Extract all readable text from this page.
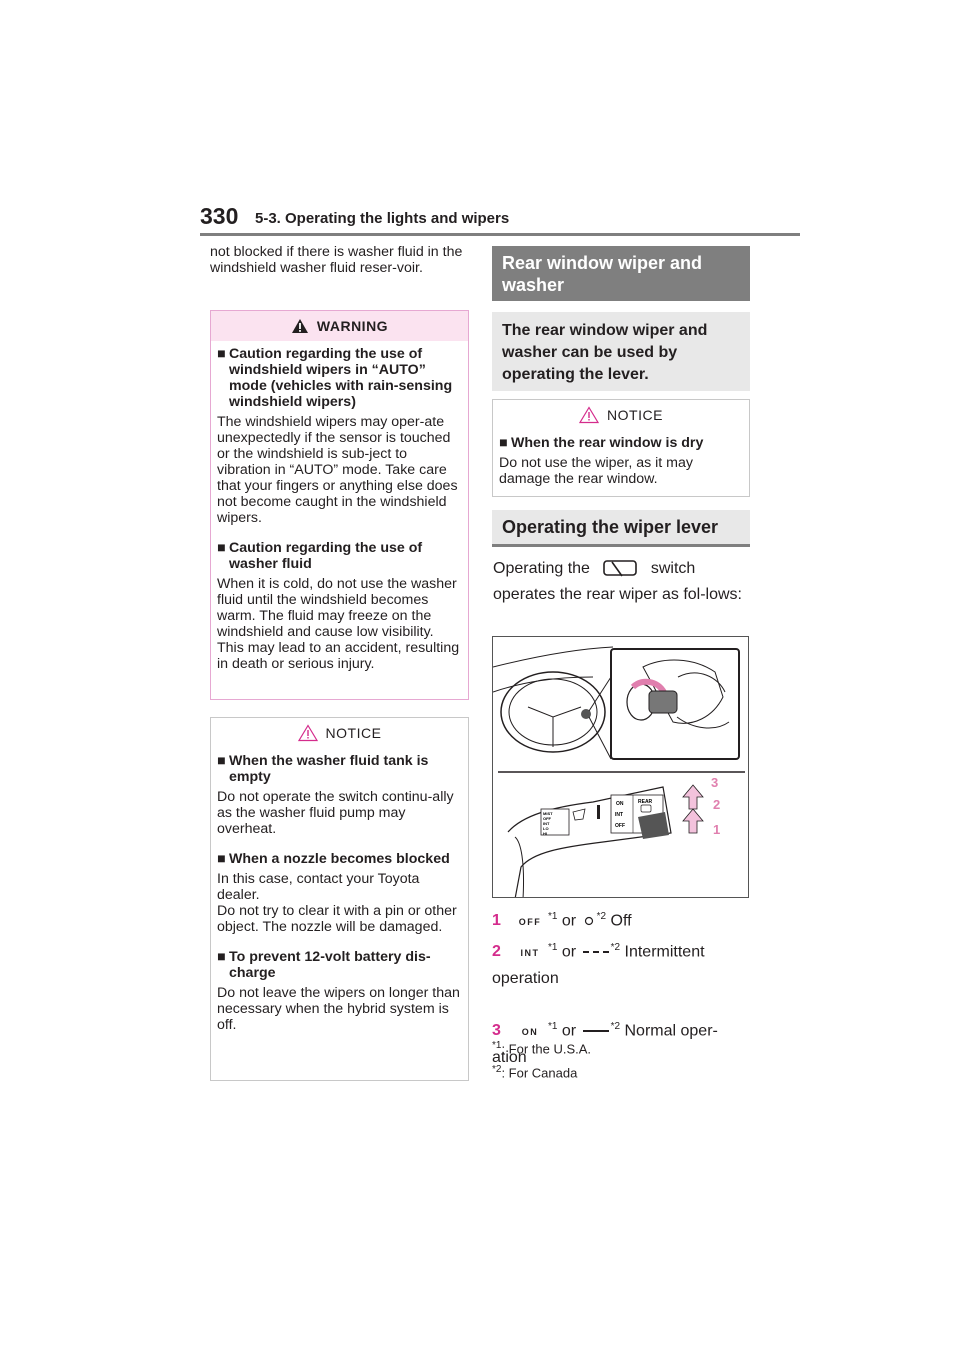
330 5-3. Operating the lights and wipers
not blocked if there is washer fluid in the windshield washer fluid reser-voir.
WARNING
■ Caution regarding the use of windshield wipers in “AUTO” mode (vehicles with rain-sensing windshield wipers)
The windshield wipers may oper-ate unexpectedly if the sensor is touched or the windshield is sub-ject to vibration in “AUTO” mode. Take care that your fingers or anything else does not become caught in the windshield wipers.
■ Caution regarding the use of washer fluid
When it is cold, do not use the washer fluid until the windshield becomes warm. The fluid may freeze on the windshield and cause low visibility. This may lead to an accident, resulting in death or serious injury.
NOTICE
■ When the washer fluid tank is empty
Do not operate the switch continu-ally as the washer fluid pump may overheat.
■ When a nozzle becomes blocked
In this case, contact your Toyota dealer.
Do not try to clear it with a pin or other object. The nozzle will be damaged.
■ To prevent 12-volt battery dis-charge
Do not leave the wipers on longer than necessary when the hybrid system is off.
Rear window wiper and washer
The rear window wiper and washer can be used by operating the lever.
NOTICE
■ When the rear window is dry
Do not use the wiper, as it may damage the rear window.
Operating the wiper lever
Operating the	switch
operates the rear wiper as fol-lows:
MIST
OFF
INT
LO
HI
ON
INT
OFF
REAR
3
2
1
1 OFF$^{*1}$ or $^{*2}$ Off
2 INT$^{*1}$ or	$^{*2}$ Intermittent operation
3 ON$^{*1}$ or	$^{*2}$ Normal oper-ation
$^{*1}$: For the U.S.A.
$^{*2}$: For Canada
